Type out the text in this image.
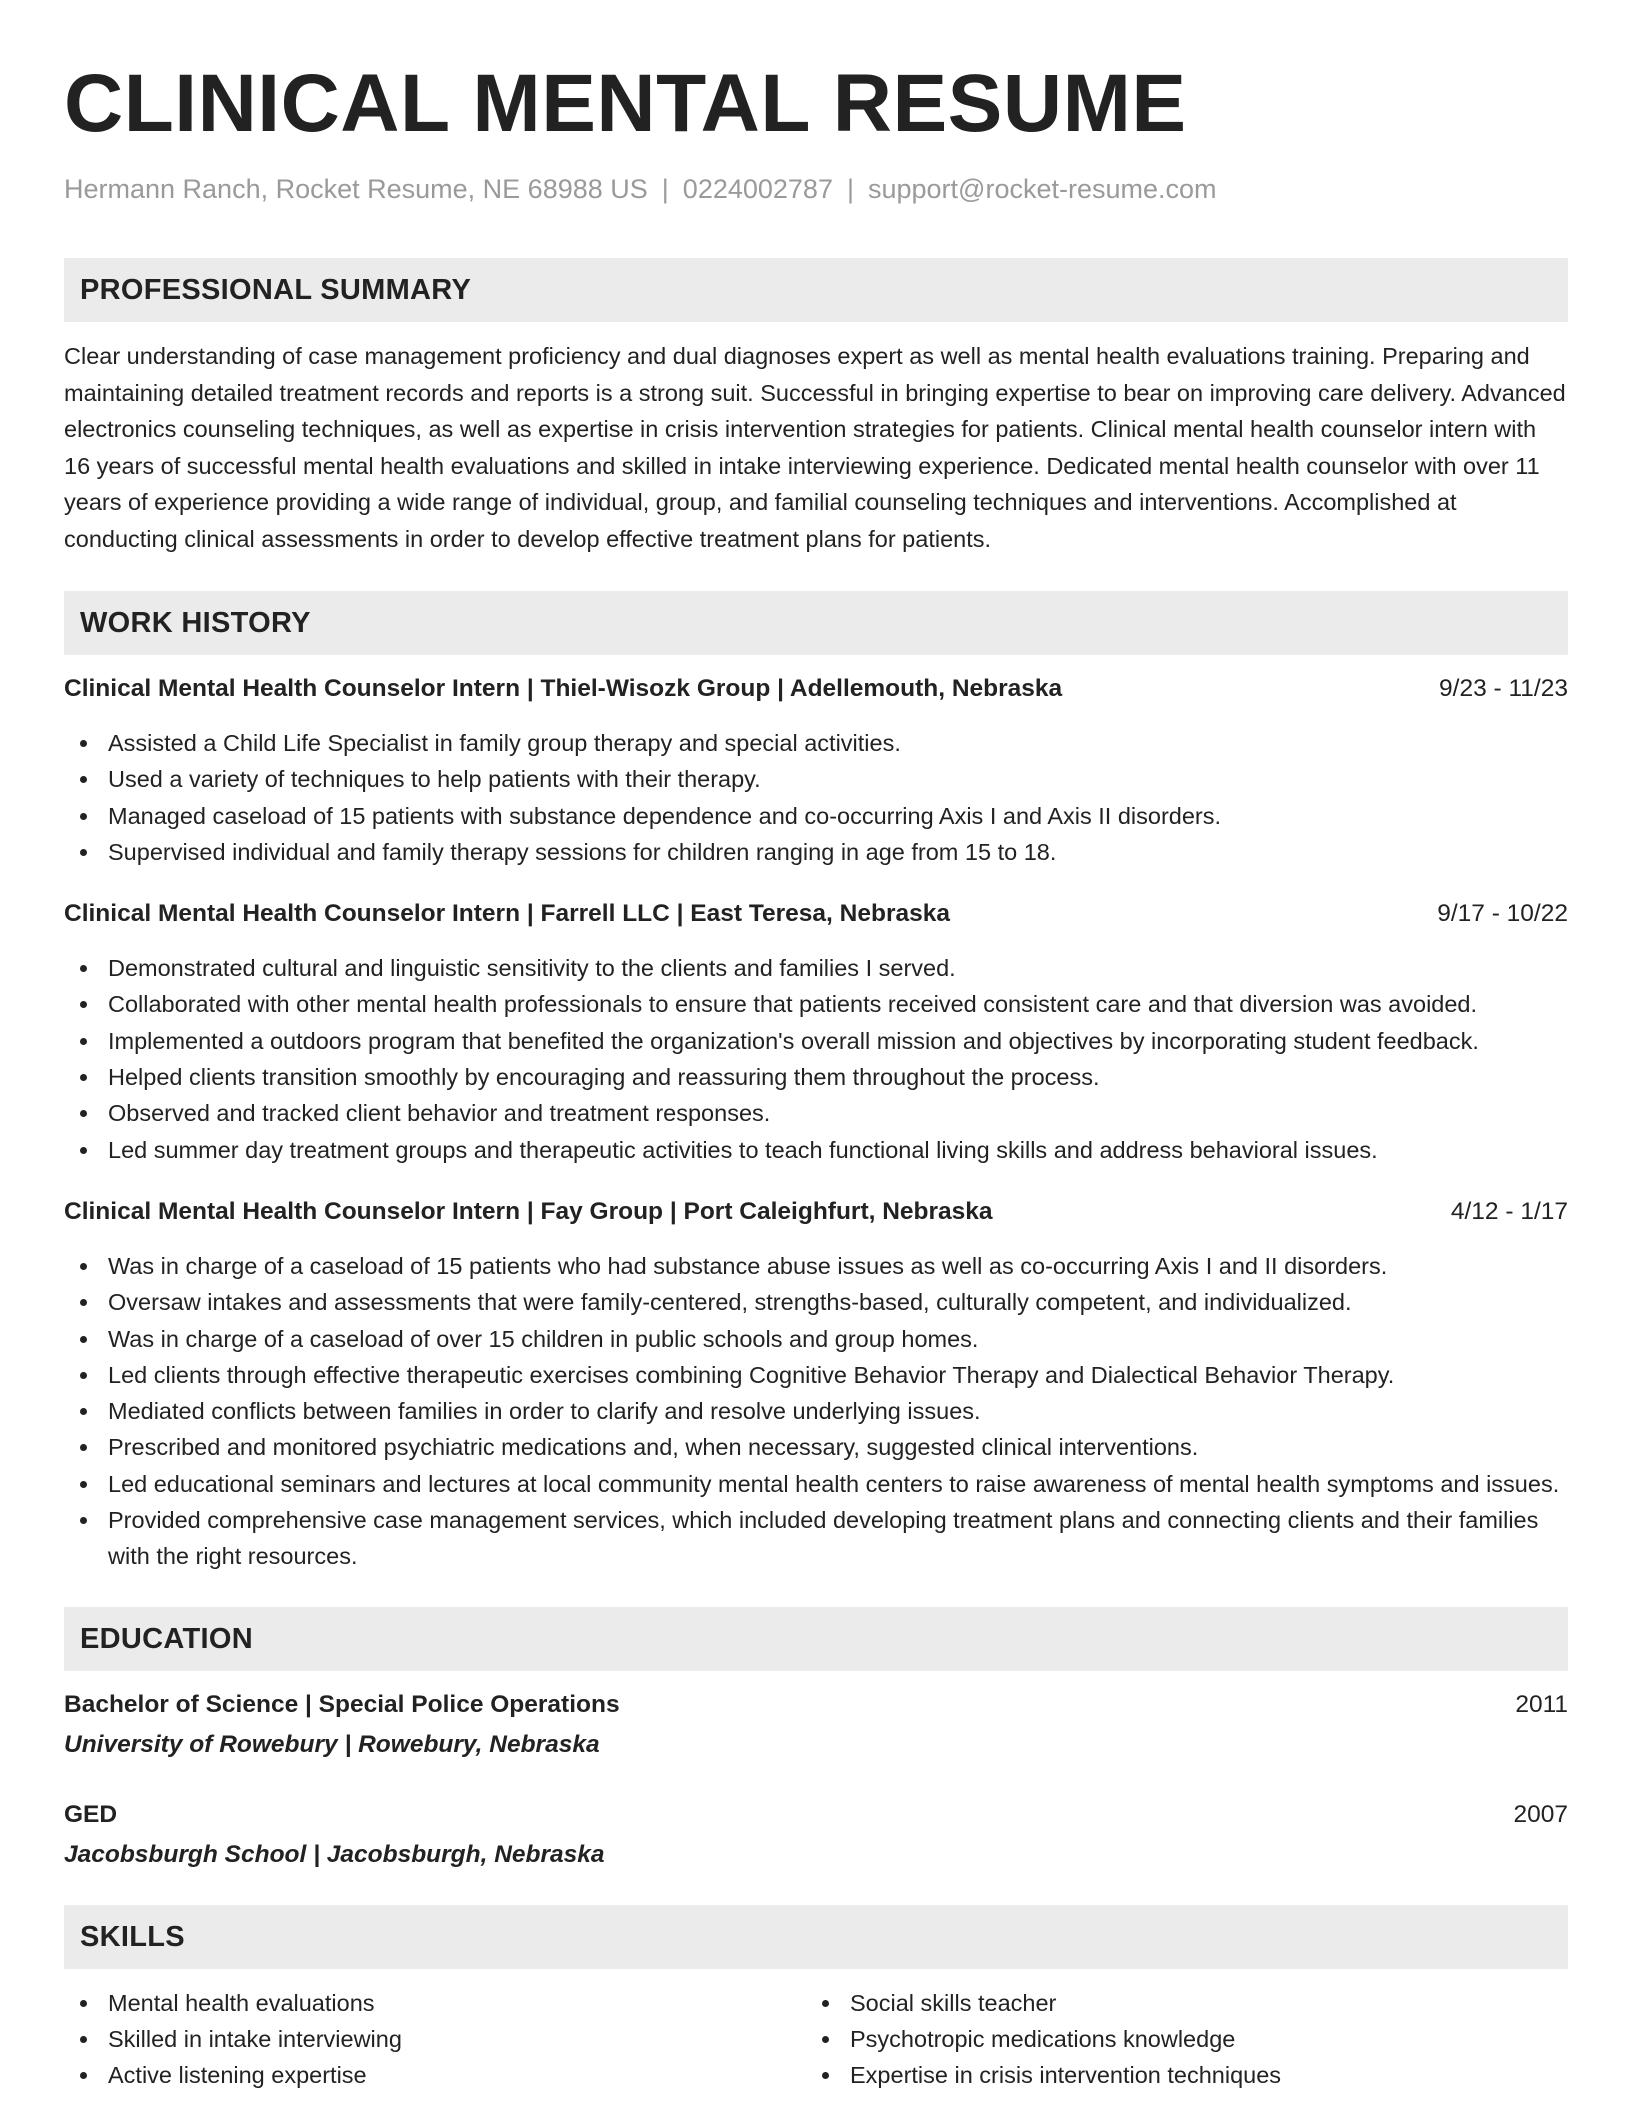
CLINICAL MENTAL RESUME
Hermann Ranch, Rocket Resume, NE 68988 US | 0224002787 | support@rocket-resume.com
PROFESSIONAL SUMMARY

Clear understanding of case management proficiency and dual diagnoses expert as well as mental health evaluations training. Preparing and maintaining detailed treatment records and reports is a strong suit. Successful in bringing expertise to bear on improving care delivery. Advanced electronics counseling techniques, as well as expertise in crisis intervention strategies for patients. Clinical mental health counselor intern with 16 years of successful mental health evaluations and skilled in intake interviewing experience. Dedicated mental health counselor with over 11 years of experience providing a wide range of individual, group, and familial counseling techniques and interventions. Accomplished at conducting clinical assessments in order to develop effective treatment plans for patients.

WORK HISTORY
Clinical Mental Health Counselor Intern | Thiel-Wisozk Group | Adellemouth, Nebraska	9/23 - 11/23
Assisted a Child Life Specialist in family group therapy and special activities.
Used a variety of techniques to help patients with their therapy.
Managed caseload of 15 patients with substance dependence and co-occurring Axis I and Axis II disorders.
Supervised individual and family therapy sessions for children ranging in age from 15 to 18.
Clinical Mental Health Counselor Intern | Farrell LLC | East Teresa, Nebraska	9/17 - 10/22
Demonstrated cultural and linguistic sensitivity to the clients and families I served.
Collaborated with other mental health professionals to ensure that patients received consistent care and that diversion was avoided.
Implemented a outdoors program that benefited the organization's overall mission and objectives by incorporating student feedback.
Helped clients transition smoothly by encouraging and reassuring them throughout the process.
Observed and tracked client behavior and treatment responses.
Led summer day treatment groups and therapeutic activities to teach functional living skills and address behavioral issues.
Clinical Mental Health Counselor Intern | Fay Group | Port Caleighfurt, Nebraska	4/12 - 1/17
Was in charge of a caseload of 15 patients who had substance abuse issues as well as co-occurring Axis I and II disorders.
Oversaw intakes and assessments that were family-centered, strengths-based, culturally competent, and individualized.
Was in charge of a caseload of over 15 children in public schools and group homes.
Led clients through effective therapeutic exercises combining Cognitive Behavior Therapy and Dialectical Behavior Therapy.
Mediated conflicts between families in order to clarify and resolve underlying issues.
Prescribed and monitored psychiatric medications and, when necessary, suggested clinical interventions.
Led educational seminars and lectures at local community mental health centers to raise awareness of mental health symptoms and issues.
Provided comprehensive case management services, which included developing treatment plans and connecting clients and their families with the right resources.
EDUCATION
Bachelor of Science | Special Police Operations	2011
University of Rowebury | Rowebury, Nebraska
GED	2007
Jacobsburgh School | Jacobsburgh, Nebraska
SKILLS
Mental health evaluations
Skilled in intake interviewing
Active listening expertise
Social skills teacher
Psychotropic medications knowledge
Expertise in crisis intervention techniques
